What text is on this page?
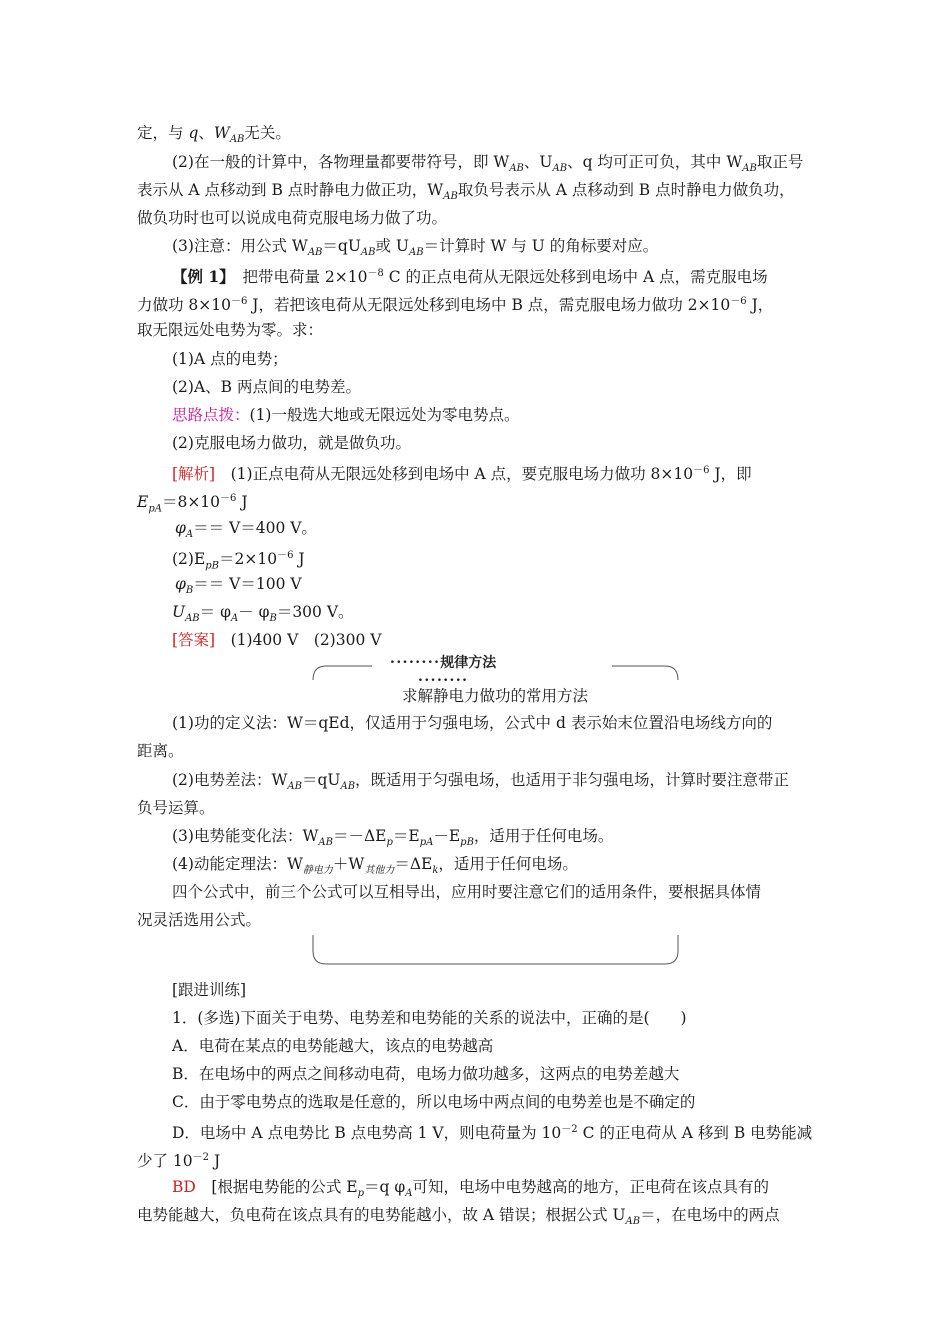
定，与 q、$W_{AB}$无关。
(2)在一般的计算中，各物理量都要带符号，即 $W_{AB}$、$U_{AB}$、q 均可正可负，其中 $W_{AB}$取正号
表示从 A 点移动到 B 点时静电力做正功，$W_{AB}$取负号表示从 A 点移动到 B 点时静电力做负功，
做负功时也可以说成电荷克服电场力做了功。
(3)注意：用公式 $W_{AB}=qU_{AB}$或 $U_{AB}=$计算时 W 与 U 的角标要对应。
【例 1】　把带电荷量 $2\times 10^{-8}$ C 的正点电荷从无限远处移到电场中 A 点，需克服电场
力做功 $8\times 10^{-6}$ J，若把该电荷从无限远处移到电场中 B 点，需克服电场力做功 $2\times 10^{-6}$ J，
取无限远处电势为零。求：
(1)A 点的电势；
(2)A、B 两点间的电势差。
思路点拨：(1)一般选大地或无限远处为零电势点。
(2)克服电场力做功，就是做负功。
[解析]　(1)正点电荷从无限远处移到电场中 A 点，要克服电场力做功 $8\times 10^{-6}$ J，即
$E_{pA}=8\times 10^{-6}$ J
$\varphi_A== V=400$ V。
$(2)E_{pB}=2\times 10^{-6}$ J
$\varphi_B== V=100$ V
$U_{AB}= \varphi_A- \varphi_B=300$ V。
[答案]　(1)400 V　(2)300 V
••••••••规律方法••••••••
求解静电力做功的常用方法
(1)功的定义法：W＝qEd，仅适用于匀强电场，公式中 d 表示始末位置沿电场线方向的
距离。
(2)电势差法：$W_{AB}=qU_{AB}$，既适用于匀强电场，也适用于非匀强电场，计算时要注意带正
负号运算。
(3)电势能变化法：$W_{AB}=-\Delta E_p=E_{pA}-E_{pB}$，适用于任何电场。
(4)动能定理法：$W_{静电力}+W_{其他力}=\Delta E_k$，适用于任何电场。
四个公式中，前三个公式可以互相导出，应用时要注意它们的适用条件，要根据具体情
况灵活选用公式。
[跟进训练]
1．(多选)下面关于电势、电势差和电势能的关系的说法中，正确的是(　　)
A．电荷在某点的电势能越大，该点的电势越高
B．在电场中的两点之间移动电荷，电场力做功越多，这两点的电势差越大
C．由于零电势点的选取是任意的，所以电场中两点间的电势差也是不确定的
D．电场中 A 点电势比 B 点电势高 1 V，则电荷量为 $10^{-2}$ C 的正电荷从 A 移到 B 电势能减
少了 $10^{-2}$ J
BD　[根据电势能的公式 $E_p=q$ $\varphi_A$可知，电场中电势越高的地方，正电荷在该点具有的
电势能越大，负电荷在该点具有的电势能越小，故 A 错误；根据公式 $U_{AB}=$，在电场中的两点
